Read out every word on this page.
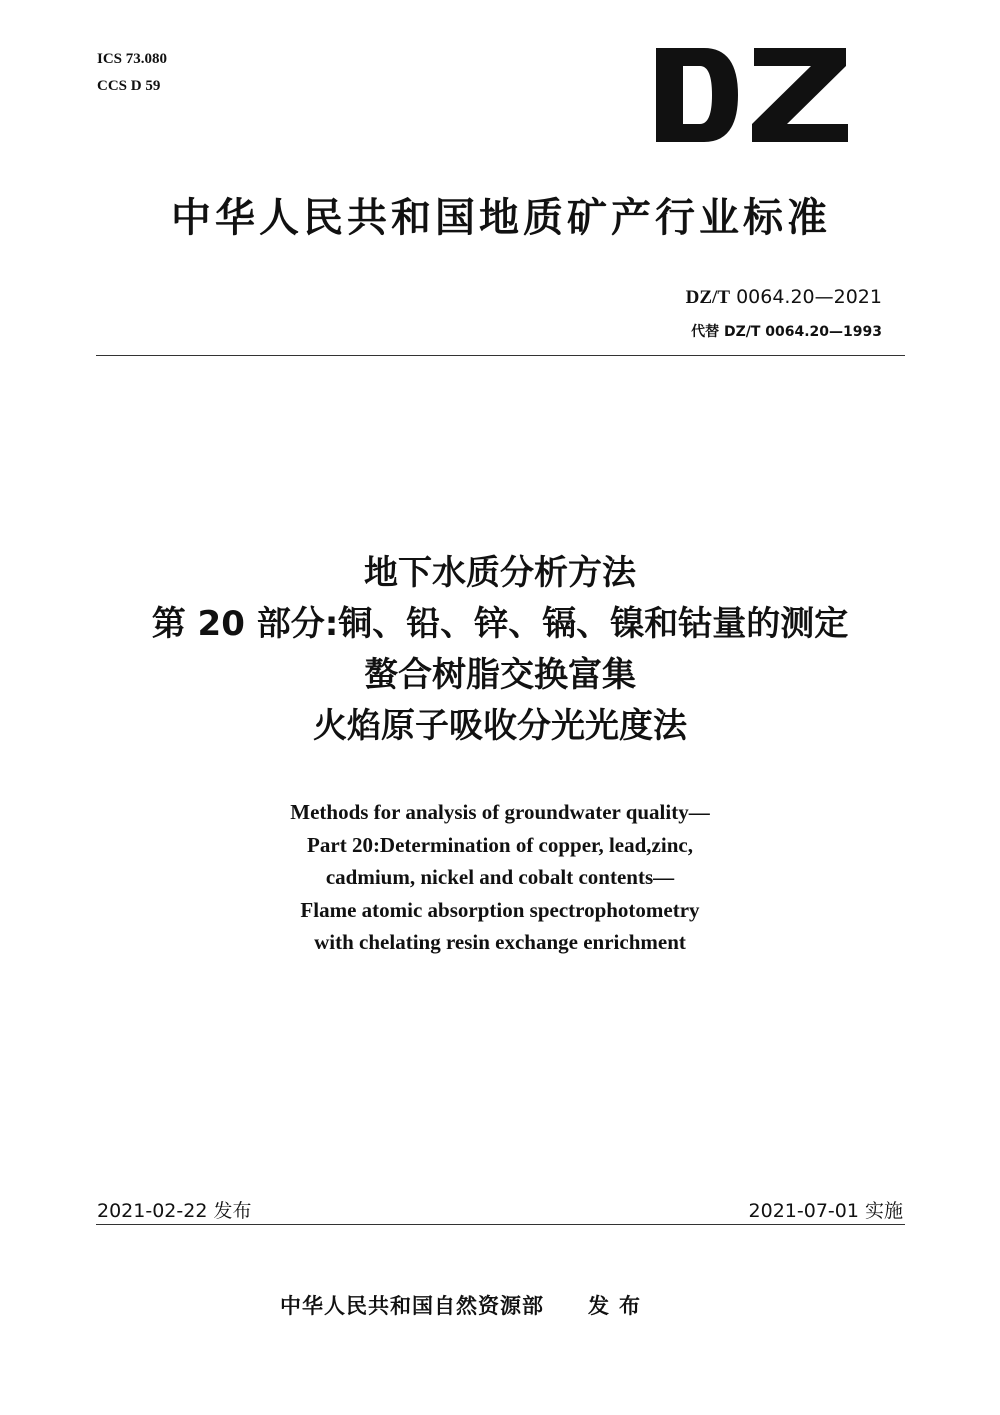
ICS 73.080
CCS D 59
中华人民共和国地质矿产行业标准
DZ/T 0064.20—2021
代替 DZ/T 0064.20—1993
地下水质分析方法
第 20 部分:铜、铅、锌、镉、镍和钴量的测定
螯合树脂交换富集
火焰原子吸收分光光度法
Methods for analysis of groundwater quality—
Part 20:Determination of copper, lead,zinc,
cadmium, nickel and cobalt contents—
Flame atomic absorption spectrophotometry
with chelating resin exchange enrichment
2021-02-22 发布	2021-07-01 实施
中华人民共和国自然资源部 发布
